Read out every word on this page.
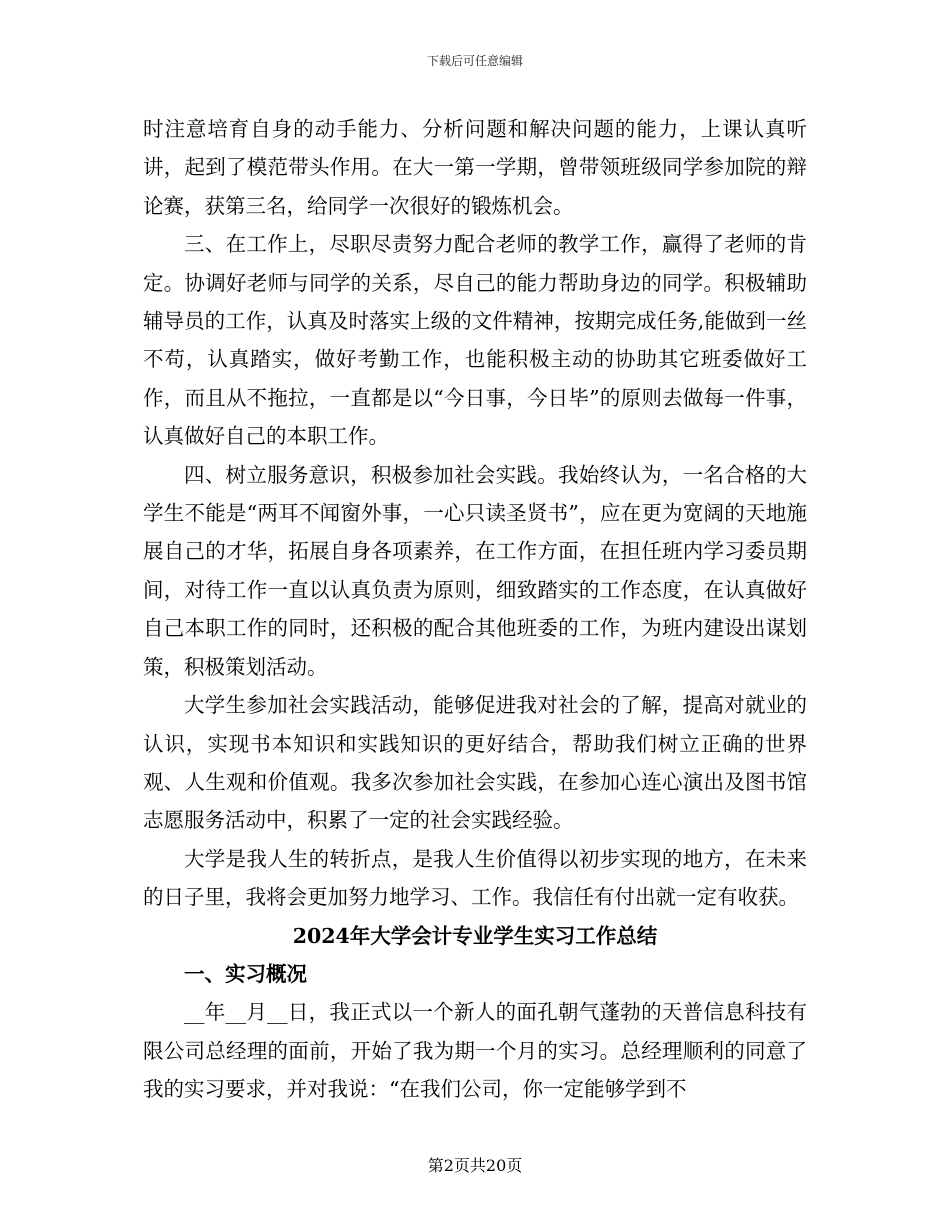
下载后可任意编辑

时注意培育自身的动手能力、分析问题和解决问题的能力，上课认真听讲，起到了模范带头作用。在大一第一学期，曾带领班级同学参加院的辩论赛，获第三名，给同学一次很好的锻炼机会。

三、在工作上，尽职尽责努力配合老师的教学工作，赢得了老师的肯定。协调好老师与同学的关系，尽自己的能力帮助身边的同学。积极辅助辅导员的工作，认真及时落实上级的文件精神，按期完成任务,能做到一丝不苟，认真踏实，做好考勤工作，也能积极主动的协助其它班委做好工作，而且从不拖拉，一直都是以“今日事，今日毕”的原则去做每一件事，认真做好自己的本职工作。

四、树立服务意识，积极参加社会实践。我始终认为，一名合格的大学生不能是“两耳不闻窗外事，一心只读圣贤书”，应在更为宽阔的天地施展自己的才华，拓展自身各项素养，在工作方面，在担任班内学习委员期间，对待工作一直以认真负责为原则，细致踏实的工作态度，在认真做好自己本职工作的同时，还积极的配合其他班委的工作，为班内建设出谋划策，积极策划活动。

大学生参加社会实践活动，能够促进我对社会的了解，提高对就业的认识，实现书本知识和实践知识的更好结合，帮助我们树立正确的世界观、人生观和价值观。我多次参加社会实践，在参加心连心演出及图书馆志愿服务活动中，积累了一定的社会实践经验。

大学是我人生的转折点，是我人生价值得以初步实现的地方，在未来的日子里，我将会更加努力地学习、工作。我信任有付出就一定有收获。

2024年大学会计专业学生实习工作总结

一、实习概况

__年__月__日，我正式以一个新人的面孔朝气蓬勃的天普信息科技有限公司总经理的面前，开始了我为期一个月的实习。总经理顺利的同意了我的实习要求，并对我说：“在我们公司，你一定能够学到不

第2页共20页
